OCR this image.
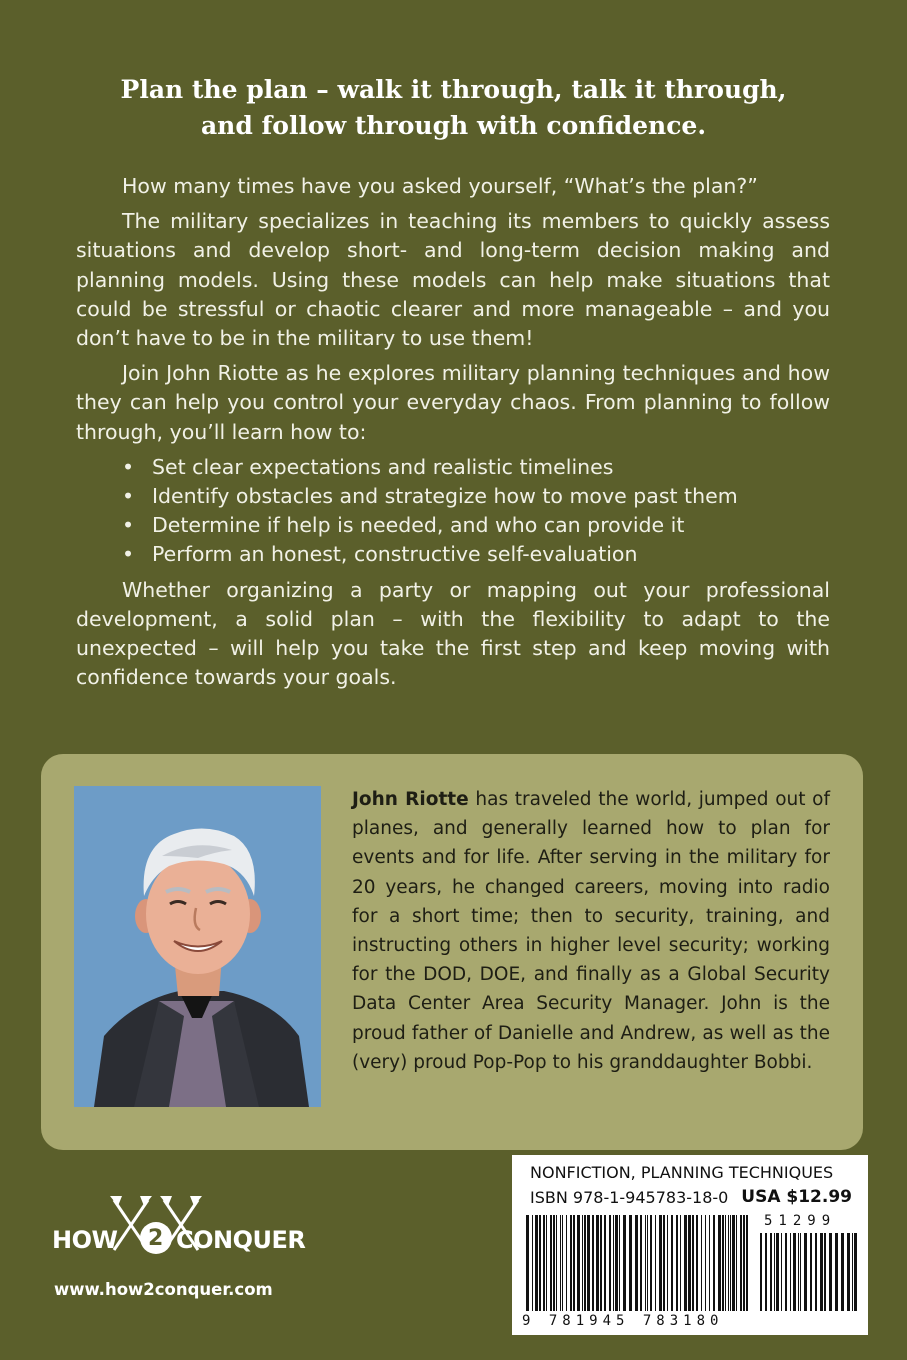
Plan the plan – walk it through, talk it through,
and follow through with confidence.

How many times have you asked yourself, “What’s the plan?”

The military specializes in teaching its members to quickly assess situations and develop short- and long-term decision making and planning models. Using these models can help make situations that could be stressful or chaotic clearer and more manageable – and you don’t have to be in the military to use them!

Join John Riotte as he explores military planning techniques and how they can help you control your everyday chaos. From planning to follow through, you’ll learn how to:

• Set clear expectations and realistic timelines
• Identify obstacles and strategize how to move past them
• Determine if help is needed, and who can provide it
• Perform an honest, constructive self-evaluation

Whether organizing a party or mapping out your professional development, a solid plan – with the flexibility to adapt to the unexpected – will help you take the first step and keep moving with confidence towards your goals.

John Riotte has traveled the world, jumped out of planes, and generally learned how to plan for events and for life. After serving in the military for 20 years, he changed careers, moving into radio for a short time; then to security, training, and instructing others in higher level security; working for the DOD, DOE, and finally as a Global Security Data Center Area Security Manager. John is the proud father of Danielle and Andrew, as well as the (very) proud Pop-Pop to his granddaughter Bobbi.
HOW 2 CONQUER
www.how2conquer.com
NONFICTION, PLANNING TECHNIQUES
ISBN 978-1-945783-18-0 USA $12.99
51299
9 781945 783180
